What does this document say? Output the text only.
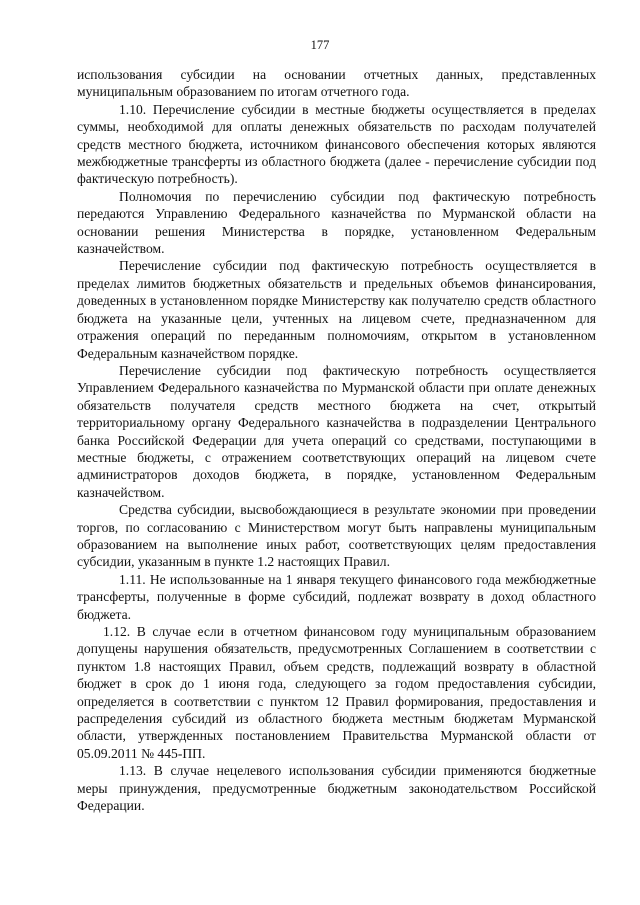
177

использования субсидии на основании отчетных данных, представленных муниципальным образованием по итогам отчетного года.

1.10. Перечисление субсидии в местные бюджеты осуществляется в пределах суммы, необходимой для оплаты денежных обязательств по расходам получателей средств местного бюджета, источником финансового обеспечения которых являются межбюджетные трансферты из областного бюджета (далее - перечисление субсидии под фактическую потребность).

Полномочия по перечислению субсидии под фактическую потребность передаются Управлению Федерального казначейства по Мурманской области на основании решения Министерства в порядке, установленном Федеральным казначейством.

Перечисление субсидии под фактическую потребность осуществляется в пределах лимитов бюджетных обязательств и предельных объемов финансирования, доведенных в установленном порядке Министерству как получателю средств областного бюджета на указанные цели, учтенных на лицевом счете, предназначенном для отражения операций по переданным полномочиям, открытом в установленном Федеральным казначейством порядке.

Перечисление субсидии под фактическую потребность осуществляется Управлением Федерального казначейства по Мурманской области при оплате денежных обязательств получателя средств местного бюджета на счет, открытый территориальному органу Федерального казначейства в подразделении Центрального банка Российской Федерации для учета операций со средствами, поступающими в местные бюджеты, с отражением соответствующих операций на лицевом счете администраторов доходов бюджета, в порядке, установленном Федеральным казначейством.

Средства субсидии, высвобождающиеся в результате экономии при проведении торгов, по согласованию с Министерством могут быть направлены муниципальным образованием на выполнение иных работ, соответствующих целям предоставления субсидии, указанным в пункте 1.2 настоящих Правил.

1.11. Не использованные на 1 января текущего финансового года межбюджетные трансферты, полученные в форме субсидий, подлежат возврату в доход областного бюджета.

1.12. В случае если в отчетном финансовом году муниципальным образованием допущены нарушения обязательств, предусмотренных Соглашением в соответствии с пунктом 1.8 настоящих Правил, объем средств, подлежащий возврату в областной бюджет в срок до 1 июня года, следующего за годом предоставления субсидии, определяется в соответствии с пунктом 12 Правил формирования, предоставления и распределения субсидий из областного бюджета местным бюджетам Мурманской области, утвержденных постановлением Правительства Мурманской области от 05.09.2011 № 445-ПП.

1.13. В случае нецелевого использования субсидии применяются бюджетные меры принуждения, предусмотренные бюджетным законодательством Российской Федерации.
